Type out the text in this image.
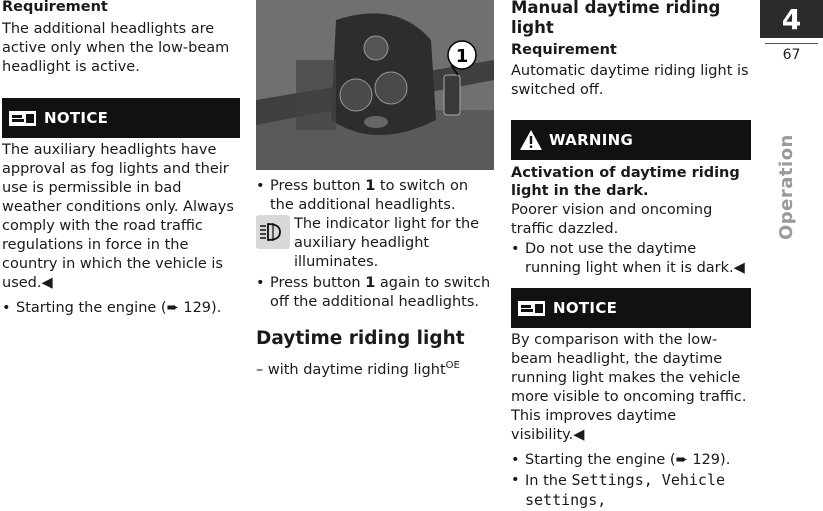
Requirement

The additional headlights are active only when the low-beam headlight is active.

NOTICE

The auxiliary headlights have approval as fog lights and their use is permissible in bad weather conditions only. Always comply with the road traffic regulations in force in the country in which the vehicle is used.◀

• Starting the engine (➨ 129).

1

• Press button 1 to switch on the additional headlights.

The indicator light for the auxiliary headlight illuminates.

• Press button 1 again to switch off the additional headlights.

Daytime riding light

– with daytime riding light$^{OE}$

Manual daytime riding light

Requirement

Automatic daytime riding light is switched off.

WARNING

Activation of daytime riding light in the dark.

Poorer vision and oncoming traffic dazzled.

• Do not use the daytime running light when it is dark.◀

NOTICE

By comparison with the low-beam headlight, the daytime running light makes the vehicle more visible to oncoming traffic. This improves daytime visibility.◀

• Starting the engine (➨ 129).

• In the Settings, Vehicle settings,

4
67
Operation
